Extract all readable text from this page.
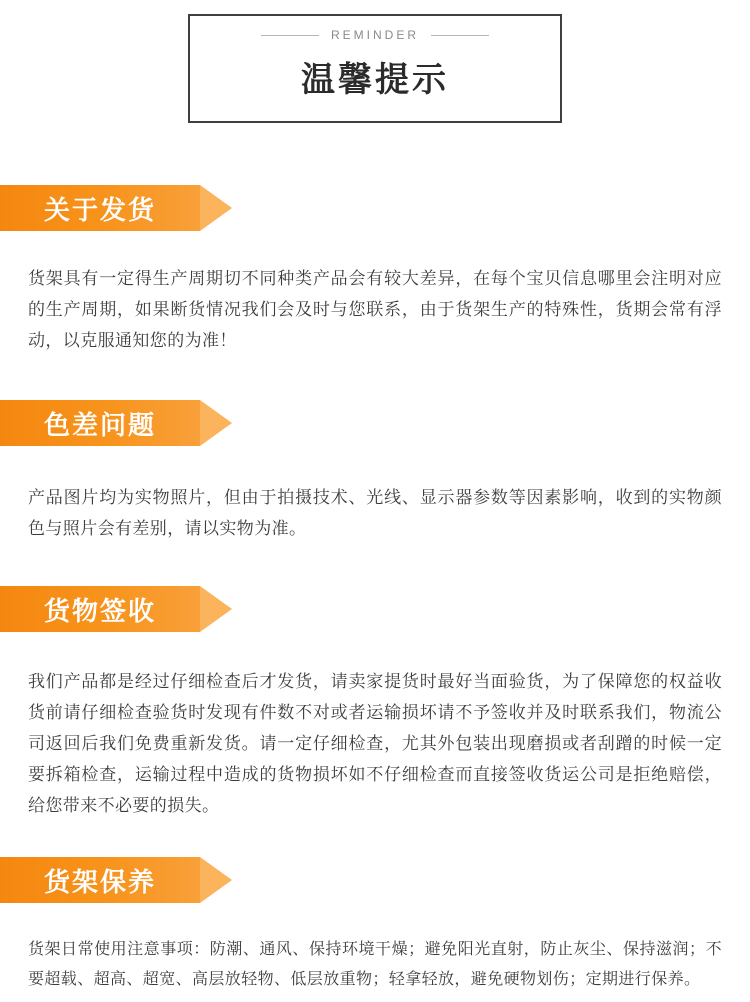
REMINDER
温馨提示
关于发货

货架具有一定得生产周期切不同种类产品会有较大差异，在每个宝贝信息哪里会注明对应的生产周期，如果断货情况我们会及时与您联系，由于货架生产的特殊性，货期会常有浮动，以克服通知您的为准！

色差问题

产品图片均为实物照片，但由于拍摄技术、光线、显示器参数等因素影响，收到的实物颜色与照片会有差别，请以实物为准。

货物签收

我们产品都是经过仔细检查后才发货，请卖家提货时最好当面验货，为了保障您的权益收货前请仔细检查验货时发现有件数不对或者运输损坏请不予签收并及时联系我们，物流公司返回后我们免费重新发货。请一定仔细检查，尤其外包装出现磨损或者刮蹭的时候一定要拆箱检查，运输过程中造成的货物损坏如不仔细检查而直接签收货运公司是拒绝赔偿，给您带来不必要的损失。

货架保养

货架日常使用注意事项：防潮、通风、保持环境干燥；避免阳光直射，防止灰尘、保持滋润；不要超载、超高、超宽、高层放轻物、低层放重物；轻拿轻放，避免硬物划伤；定期进行保养。
